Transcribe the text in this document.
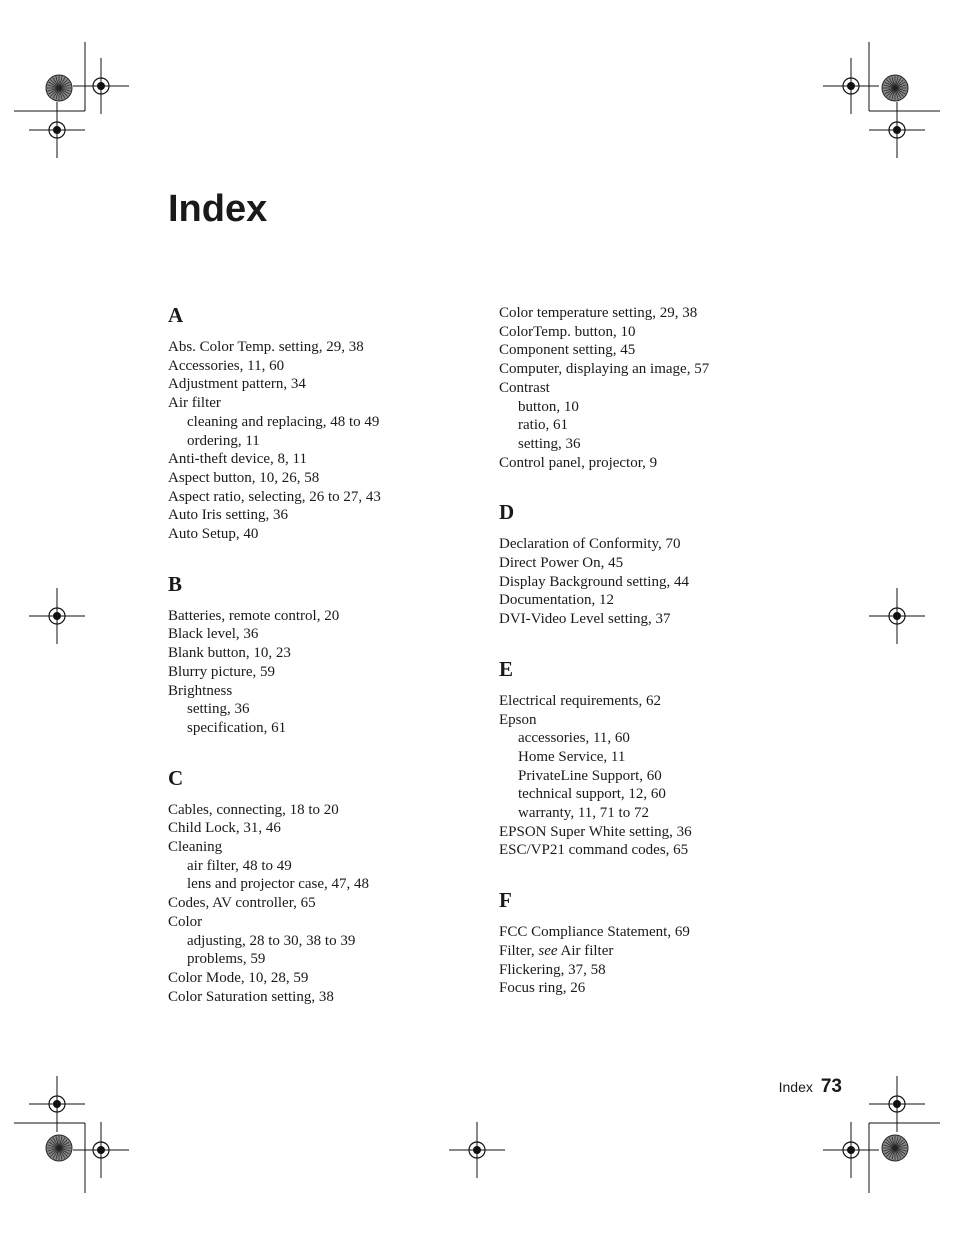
Index
A
Abs. Color Temp. setting, 29, 38
Accessories, 11, 60
Adjustment pattern, 34
Air filter
cleaning and replacing, 48 to 49
ordering, 11
Anti-theft device, 8, 11
Aspect button, 10, 26, 58
Aspect ratio, selecting, 26 to 27, 43
Auto Iris setting, 36
Auto Setup, 40
B
Batteries, remote control, 20
Black level, 36
Blank button, 10, 23
Blurry picture, 59
Brightness
setting, 36
specification, 61
C
Cables, connecting, 18 to 20
Child Lock, 31, 46
Cleaning
air filter, 48 to 49
lens and projector case, 47, 48
Codes, AV controller, 65
Color
adjusting, 28 to 30, 38 to 39
problems, 59
Color Mode, 10, 28, 59
Color Saturation setting, 38
Color temperature setting, 29, 38
ColorTemp. button, 10
Component setting, 45
Computer, displaying an image, 57
Contrast
button, 10
ratio, 61
setting, 36
Control panel, projector, 9
D
Declaration of Conformity, 70
Direct Power On, 45
Display Background setting, 44
Documentation, 12
DVI-Video Level setting, 37
E
Electrical requirements, 62
Epson
accessories, 11, 60
Home Service, 11
PrivateLine Support, 60
technical support, 12, 60
warranty, 11, 71 to 72
EPSON Super White setting, 36
ESC/VP21 command codes, 65
F
FCC Compliance Statement, 69
Filter, see Air filter
Flickering, 37, 58
Focus ring, 26
Index 73
